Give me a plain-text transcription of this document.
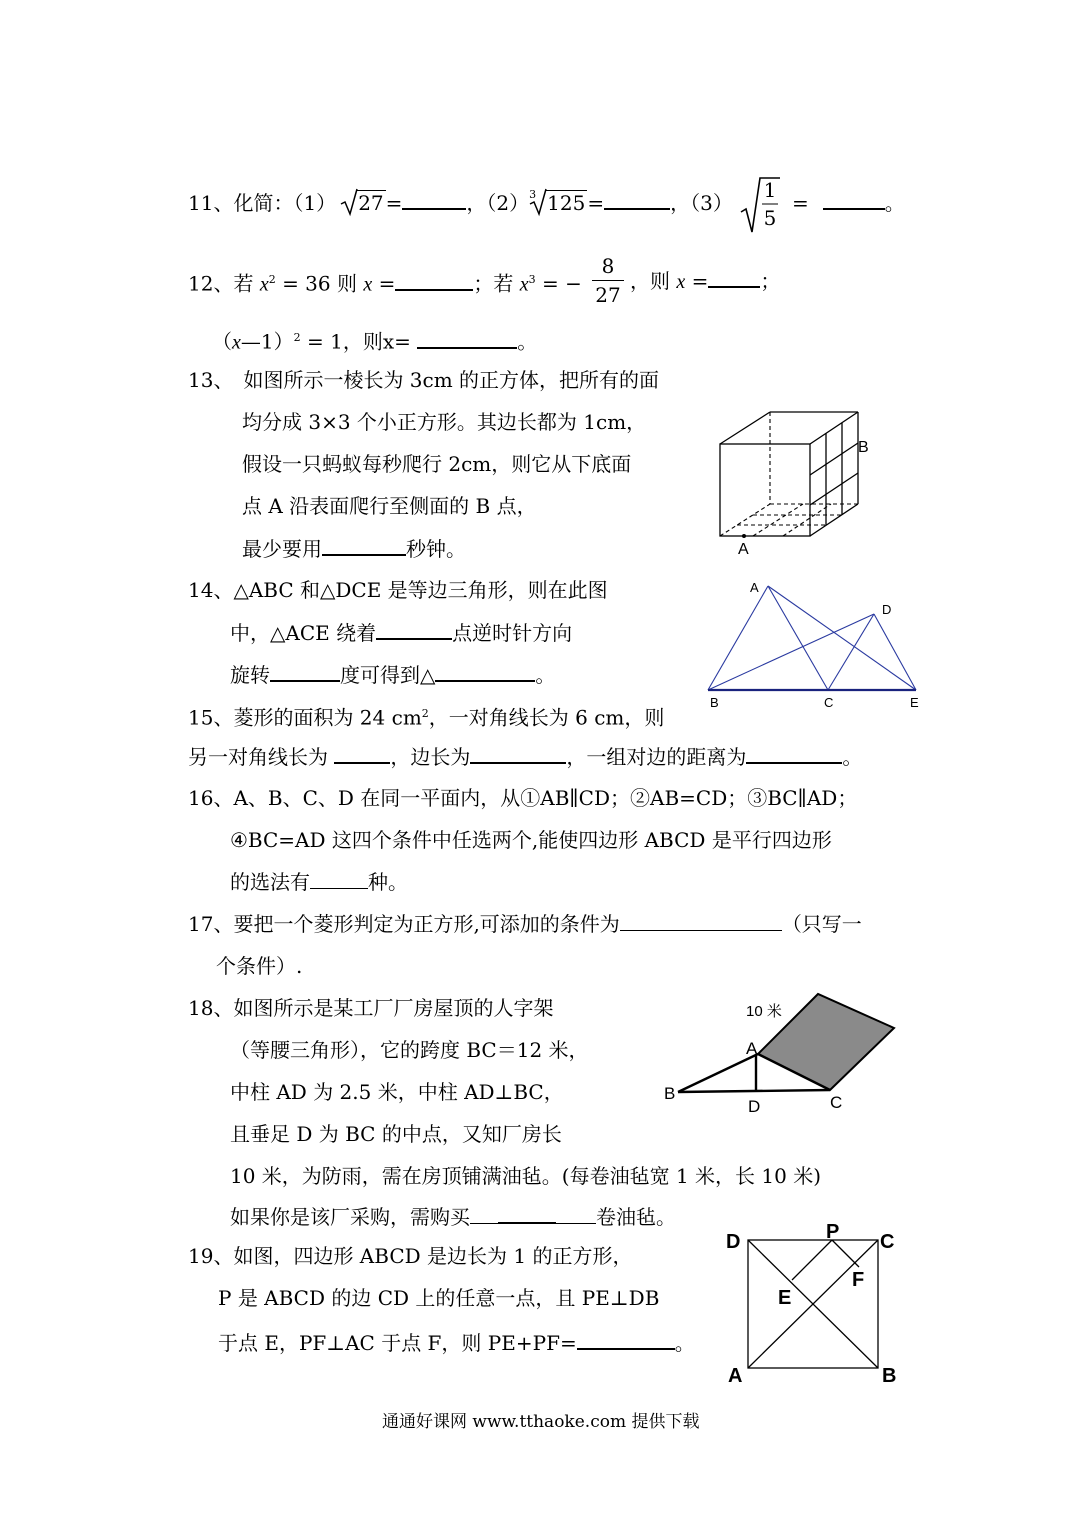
11、化简：（1） 27 =	，（2） 3 125 =	，（3）
1
5
=	。
12、若 $x^2 = 36$ 则 x =	；若 $x^3$ = − $\frac{8}{27}$ ，则 x =	；
（x—1）$^2$ = 1，则x=	。
13、　如图所示一棱长为 3cm 的正方体，把所有的面
均分成 3×3 个小正方形。其边长都为 1cm，
假设一只蚂蚁每秒爬行 2cm，则它从下底面
点 A 沿表面爬行至侧面的 B 点，
最少要用	秒钟。	A
B
14、△ABC 和△DCE 是等边三角形，则在此图
中，△ACE 绕着	点逆时针方向
旋转	度可得到△	。
A
D
B	C	E
15、菱形的面积为 24 $cm^2$，一对角线长为 6 cm，则
另一对角线长为	，边长为	，一组对边的距离为	。
16、A、B、C、D 在同一平面内，从①AB∥CD；②AB=CD；③BC∥AD；
④BC=AD 这四个条件中任选两个,能使四边形 ABCD 是平行四边形
的选法有	种。
17、要把一个菱形判定为正方形,可添加的条件为	（只写一
个条件）.
18、如图所示是某工厂厂房屋顶的人字架
（等腰三角形），它的跨度 BC＝12 米，
中柱 AD 为 2.5 米，中柱 AD⊥BC，
且垂足 D 为 BC 的中点，又知厂房长
10 米，为防雨，需在房顶铺满油毡。(每卷油毡宽 1 米，长 10 米)
如果你是该厂采购，需购买	卷油毡。
10 米
A
B
D	C
19、如图，四边形 ABCD 是边长为 1 的正方形，
P 是 ABCD 的边 CD 上的任意一点，且 PE⊥DB
于点 E，PF⊥AC 于点 F，则 PE+PF=	。
D	P C
E
F
A	B
通通好课网 www.tthaoke.com 提供下载
